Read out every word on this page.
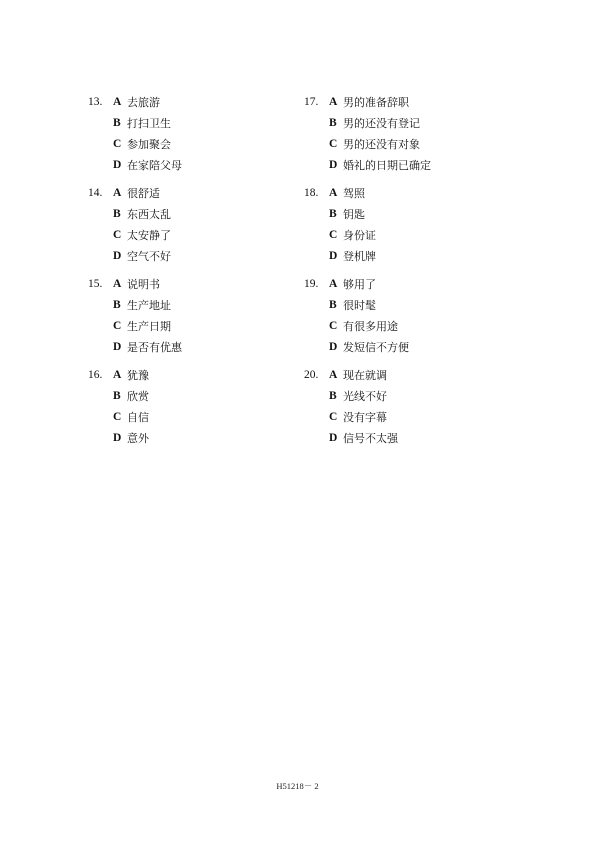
13. A 去旅游
B 打扫卫生
C 参加聚会
D 在家陪父母
14. A 很舒适
B 东西太乱
C 太安静了
D 空气不好
15. A 说明书
B 生产地址
C 生产日期
D 是否有优惠
16. A 犹豫
B 欣赏
C 自信
D 意外
17. A 男的准备辞职
B 男的还没有登记
C 男的还没有对象
D 婚礼的日期已确定
18. A 驾照
B 钥匙
C 身份证
D 登机牌
19. A 够用了
B 很时髦
C 有很多用途
D 发短信不方便
20. A 现在就调
B 光线不好
C 没有字幕
D 信号不太强
H51218－ 2
